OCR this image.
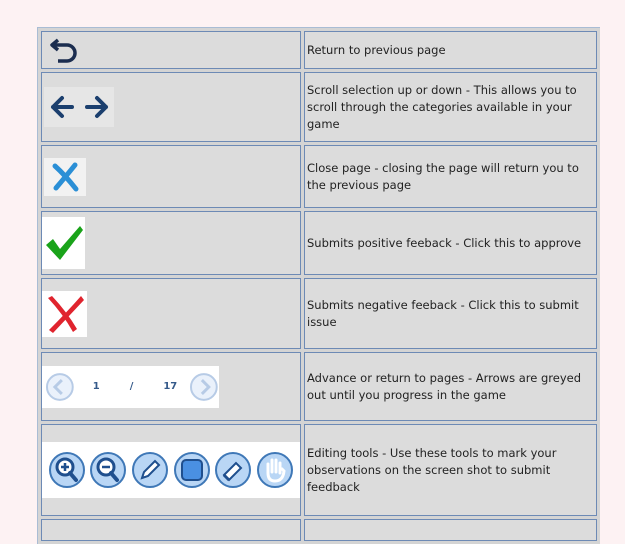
	Return to previous page

	Scroll selection up or down - This allows you to scroll through the categories available in your game

	Close page - closing the page will return you to the previous page

	Submits positive feeback - Click this to approve

	Submits negative feeback - Click this to submit issue

1 / 17	Advance or return to pages - Arrows are greyed out until you progress in the game

	Editing tools - Use these tools to mark your observations on the screen shot to submit feedback
